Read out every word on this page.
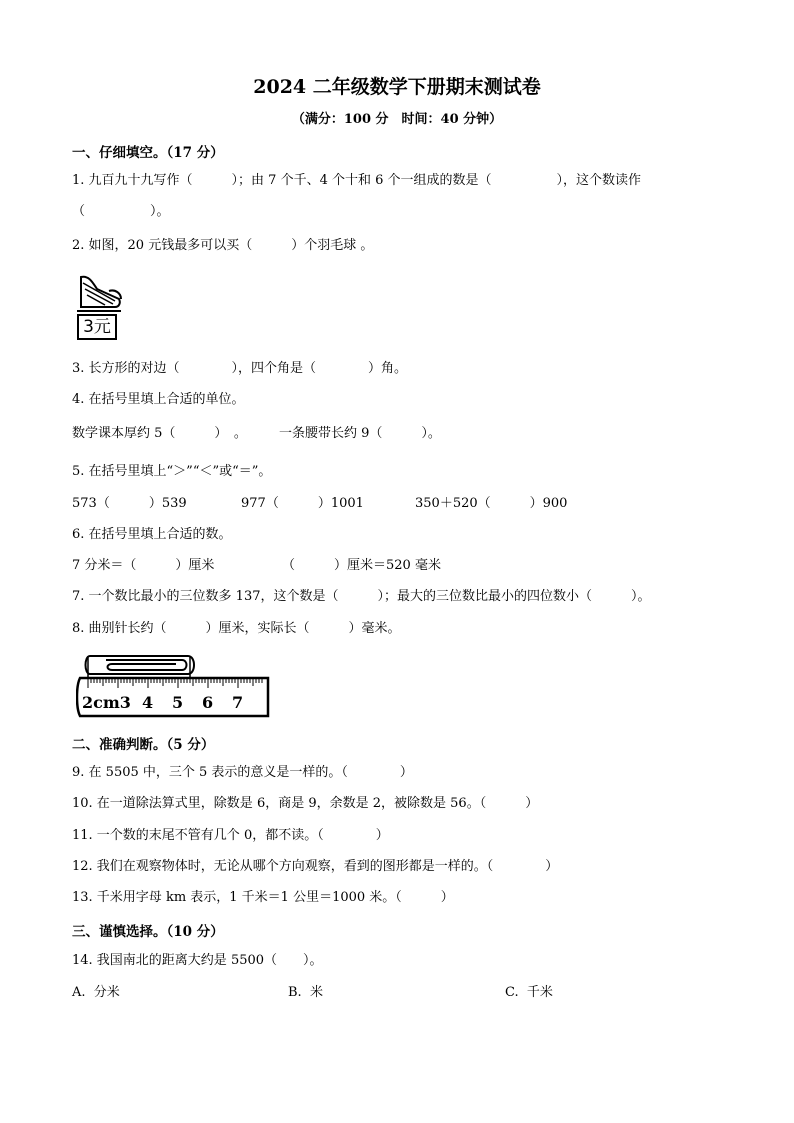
2024 二年级数学下册期末测试卷
（满分：100 分　时间：40 分钟）
一、仔细填空。（17 分）
1. 九百九十九写作（　　　）；由 7 个千、4 个十和 6 个一组成的数是（　　　　　），这个数读作
（　　　　　）。
2. 如图，20 元钱最多可以买（　　　）个羽毛球 。
3元
3. 长方形的对边（　　　　），四个角是（　　　　）角。
4. 在括号里填上合适的单位。
数学课本厚约 5（　　　）　。 一条腰带长约 9（　　　）。
5. 在括号里填上“＞”“＜”或“＝”。
573（　　　）539	977（　　　）1001	350＋520（　　　）900
6. 在括号里填上合适的数。
7 分米＝（　　　）厘米	（　　　）厘米＝520 毫米
7. 一个数比最小的三位数多 137，这个数是（　　　）；最大的三位数比最小的四位数小（　　　）。
8. 曲别针长约（　　　）厘米，实际长（　　　）毫米。
2cm3 4 5 6 7
二、准确判断。（5 分）
9. 在 5505 中，三个 5 表示的意义是一样的。（　　　　）
10. 在一道除法算式里，除数是 6，商是 9，余数是 2，被除数是 56。（　　　）
11. 一个数的末尾不管有几个 0，都不读。（　　　　）
12. 我们在观察物体时，无论从哪个方向观察，看到的图形都是一样的。（　　　　）
13. 千米用字母 km 表示，1 千米＝1 公里＝1000 米。（　　　）
三、谨慎选择。（10 分）
14. 我国南北的距离大约是 5500（　　）。
A.  分米	B.  米	C.  千米
